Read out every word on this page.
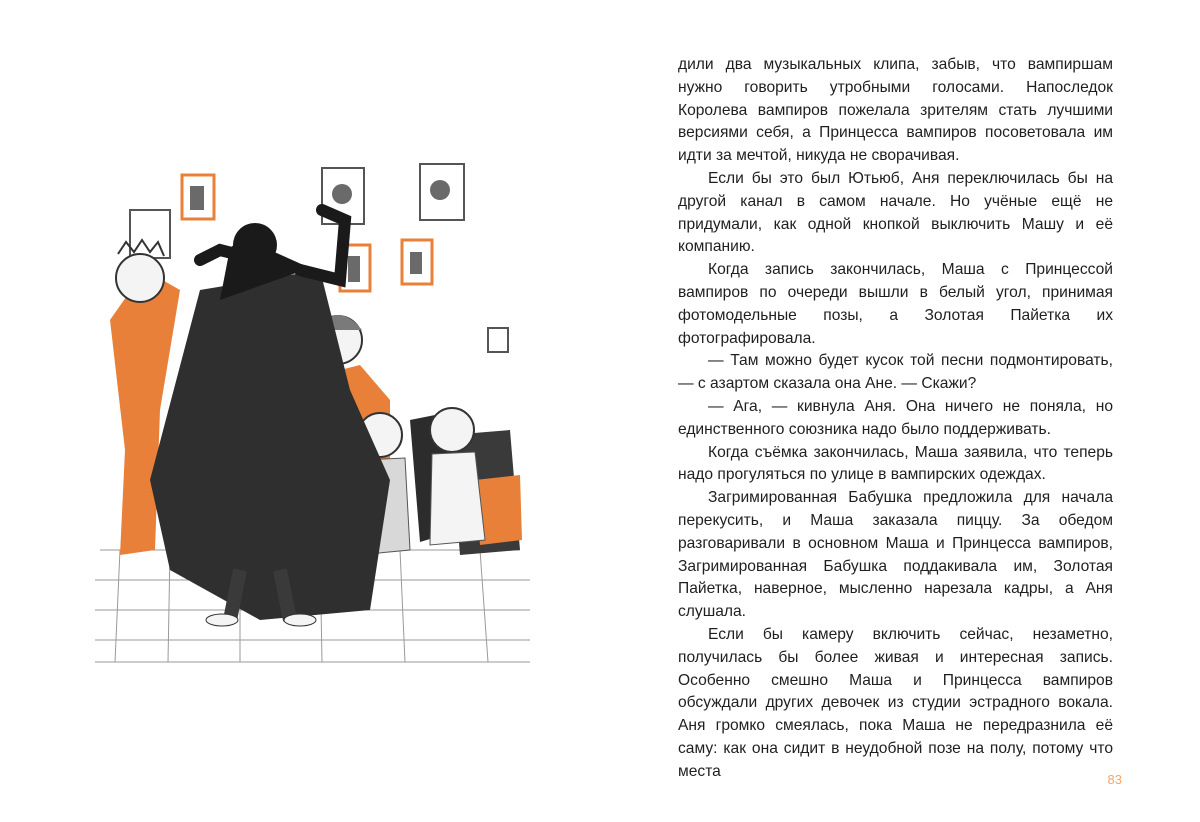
дили два музыкальных клипа, забыв, что вампиршам нужно говорить утробными голосами. Напоследок Королева вампиров пожелала зрителям стать лучшими версиями себя, а Принцесса вампиров посоветовала им идти за мечтой, никуда не сворачивая.

Если бы это был Ютьюб, Аня переключилась бы на другой канал в самом начале. Но учёные ещё не придумали, как одной кнопкой выключить Машу и её компанию.

Когда запись закончилась, Маша с Принцессой вампиров по очереди вышли в белый угол, принимая фотомодельные позы, а Золотая Пайетка их фотографировала.

— Там можно будет кусок той песни подмонтировать, — с азартом сказала она Ане. — Скажи?

— Ага, — кивнула Аня. Она ничего не поняла, но единственного союзника надо было поддерживать.

Когда съёмка закончилась, Маша заявила, что теперь надо прогуляться по улице в вампирских одеждах.

Загримированная Бабушка предложила для начала перекусить, и Маша заказала пиццу. За обедом разговаривали в основном Маша и Принцесса вампиров, Загримированная Бабушка поддакивала им, Золотая Пайетка, наверное, мысленно нарезала кадры, а Аня слушала.

Если бы камеру включить сейчас, незаметно, получилась бы более живая и интересная запись. Особенно смешно Маша и Принцесса вампиров обсуждали других девочек из студии эстрадного вокала. Аня громко смеялась, пока Маша не передразнила её саму: как она сидит в неудобной позе на полу, потому что места	83
